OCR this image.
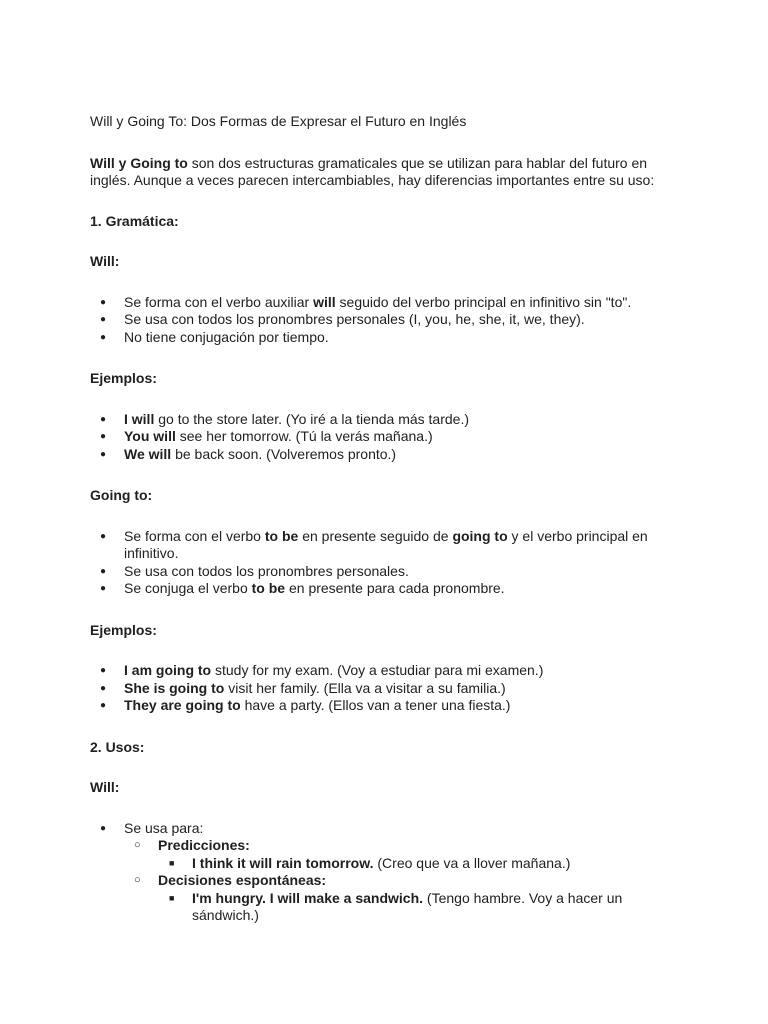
Will y Going To: Dos Formas de Expresar el Futuro en Inglés

Will y Going to son dos estructuras gramaticales que se utilizan para hablar del futuro en inglés. Aunque a veces parecen intercambiables, hay diferencias importantes entre su uso:

1. Gramática:

Will:

● Se forma con el verbo auxiliar will seguido del verbo principal en infinitivo sin "to".
● Se usa con todos los pronombres personales (I, you, he, she, it, we, they).
● No tiene conjugación por tiempo.

Ejemplos:

● I will go to the store later. (Yo iré a la tienda más tarde.)
● You will see her tomorrow. (Tú la verás mañana.)
● We will be back soon. (Volveremos pronto.)

Going to:

● Se forma con el verbo to be en presente seguido de going to y el verbo principal en infinitivo.
● Se usa con todos los pronombres personales.
● Se conjuga el verbo to be en presente para cada pronombre.

Ejemplos:

● I am going to study for my exam. (Voy a estudiar para mi examen.)
● She is going to visit her family. (Ella va a visitar a su familia.)
● They are going to have a party. (Ellos van a tener una fiesta.)

2. Usos:

Will:

● Se usa para:
○ Predicciones:
■ I think it will rain tomorrow. (Creo que va a llover mañana.)
○ Decisiones espontáneas:
■ I'm hungry. I will make a sandwich. (Tengo hambre. Voy a hacer un sándwich.)
